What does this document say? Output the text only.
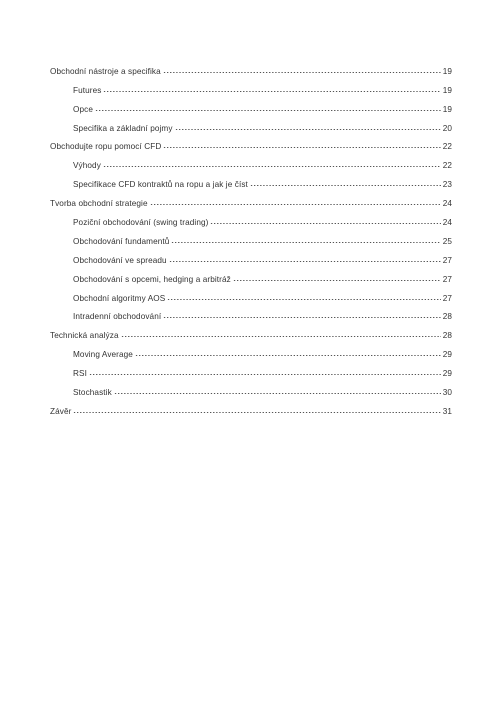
Obchodní nástroje a specifika	19
Futures	19
Opce	19
Specifika a základní pojmy	20
Obchodujte ropu pomocí CFD	22
Výhody	22
Specifikace CFD kontraktů na ropu a jak je číst	23
Tvorba obchodní strategie	24
Poziční obchodování (swing trading)	24
Obchodování fundamentů	25
Obchodování ve spreadu	27
Obchodování s opcemi, hedging a arbitráž	27
Obchodní algoritmy AOS	27
Intradenní obchodování	28
Technická analýza	28
Moving Average	29
RSI	29
Stochastik	30
Závěr	31
